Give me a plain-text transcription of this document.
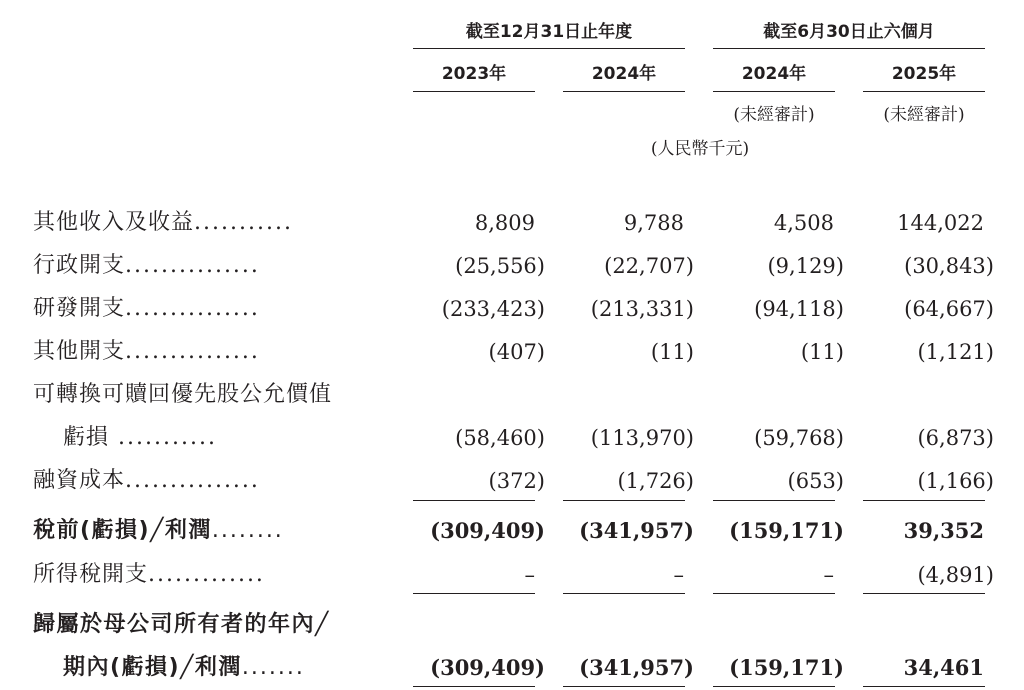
截至12月31日止年度	截至6月30日止六個月
2023年	2024年	2024年	2025年
(未經審計)	(未經審計)
(人民幣千元)
其他收入及收益...........	8,809	9,788	4,508	144,022
行政開支...............	(25,556)	(22,707)	(9,129)	(30,843)
研發開支...............	(233,423)	(213,331)	(94,118)	(64,667)
其他開支...............	(407)	(11)	(11)	(1,121)
可轉換可贖回優先股公允價值
虧損 ...........	(58,460)	(113,970)	(59,768)	(6,873)
融資成本...............	(372)	(1,726)	(653)	(1,166)
稅前(虧損)╱利潤........	(309,409)	(341,957)	(159,171)	39,352
所得稅開支.............	–	–	–	(4,891)
歸屬於母公司所有者的年內╱
期內(虧損)╱利潤.......	(309,409)	(341,957)	(159,171)	34,461
